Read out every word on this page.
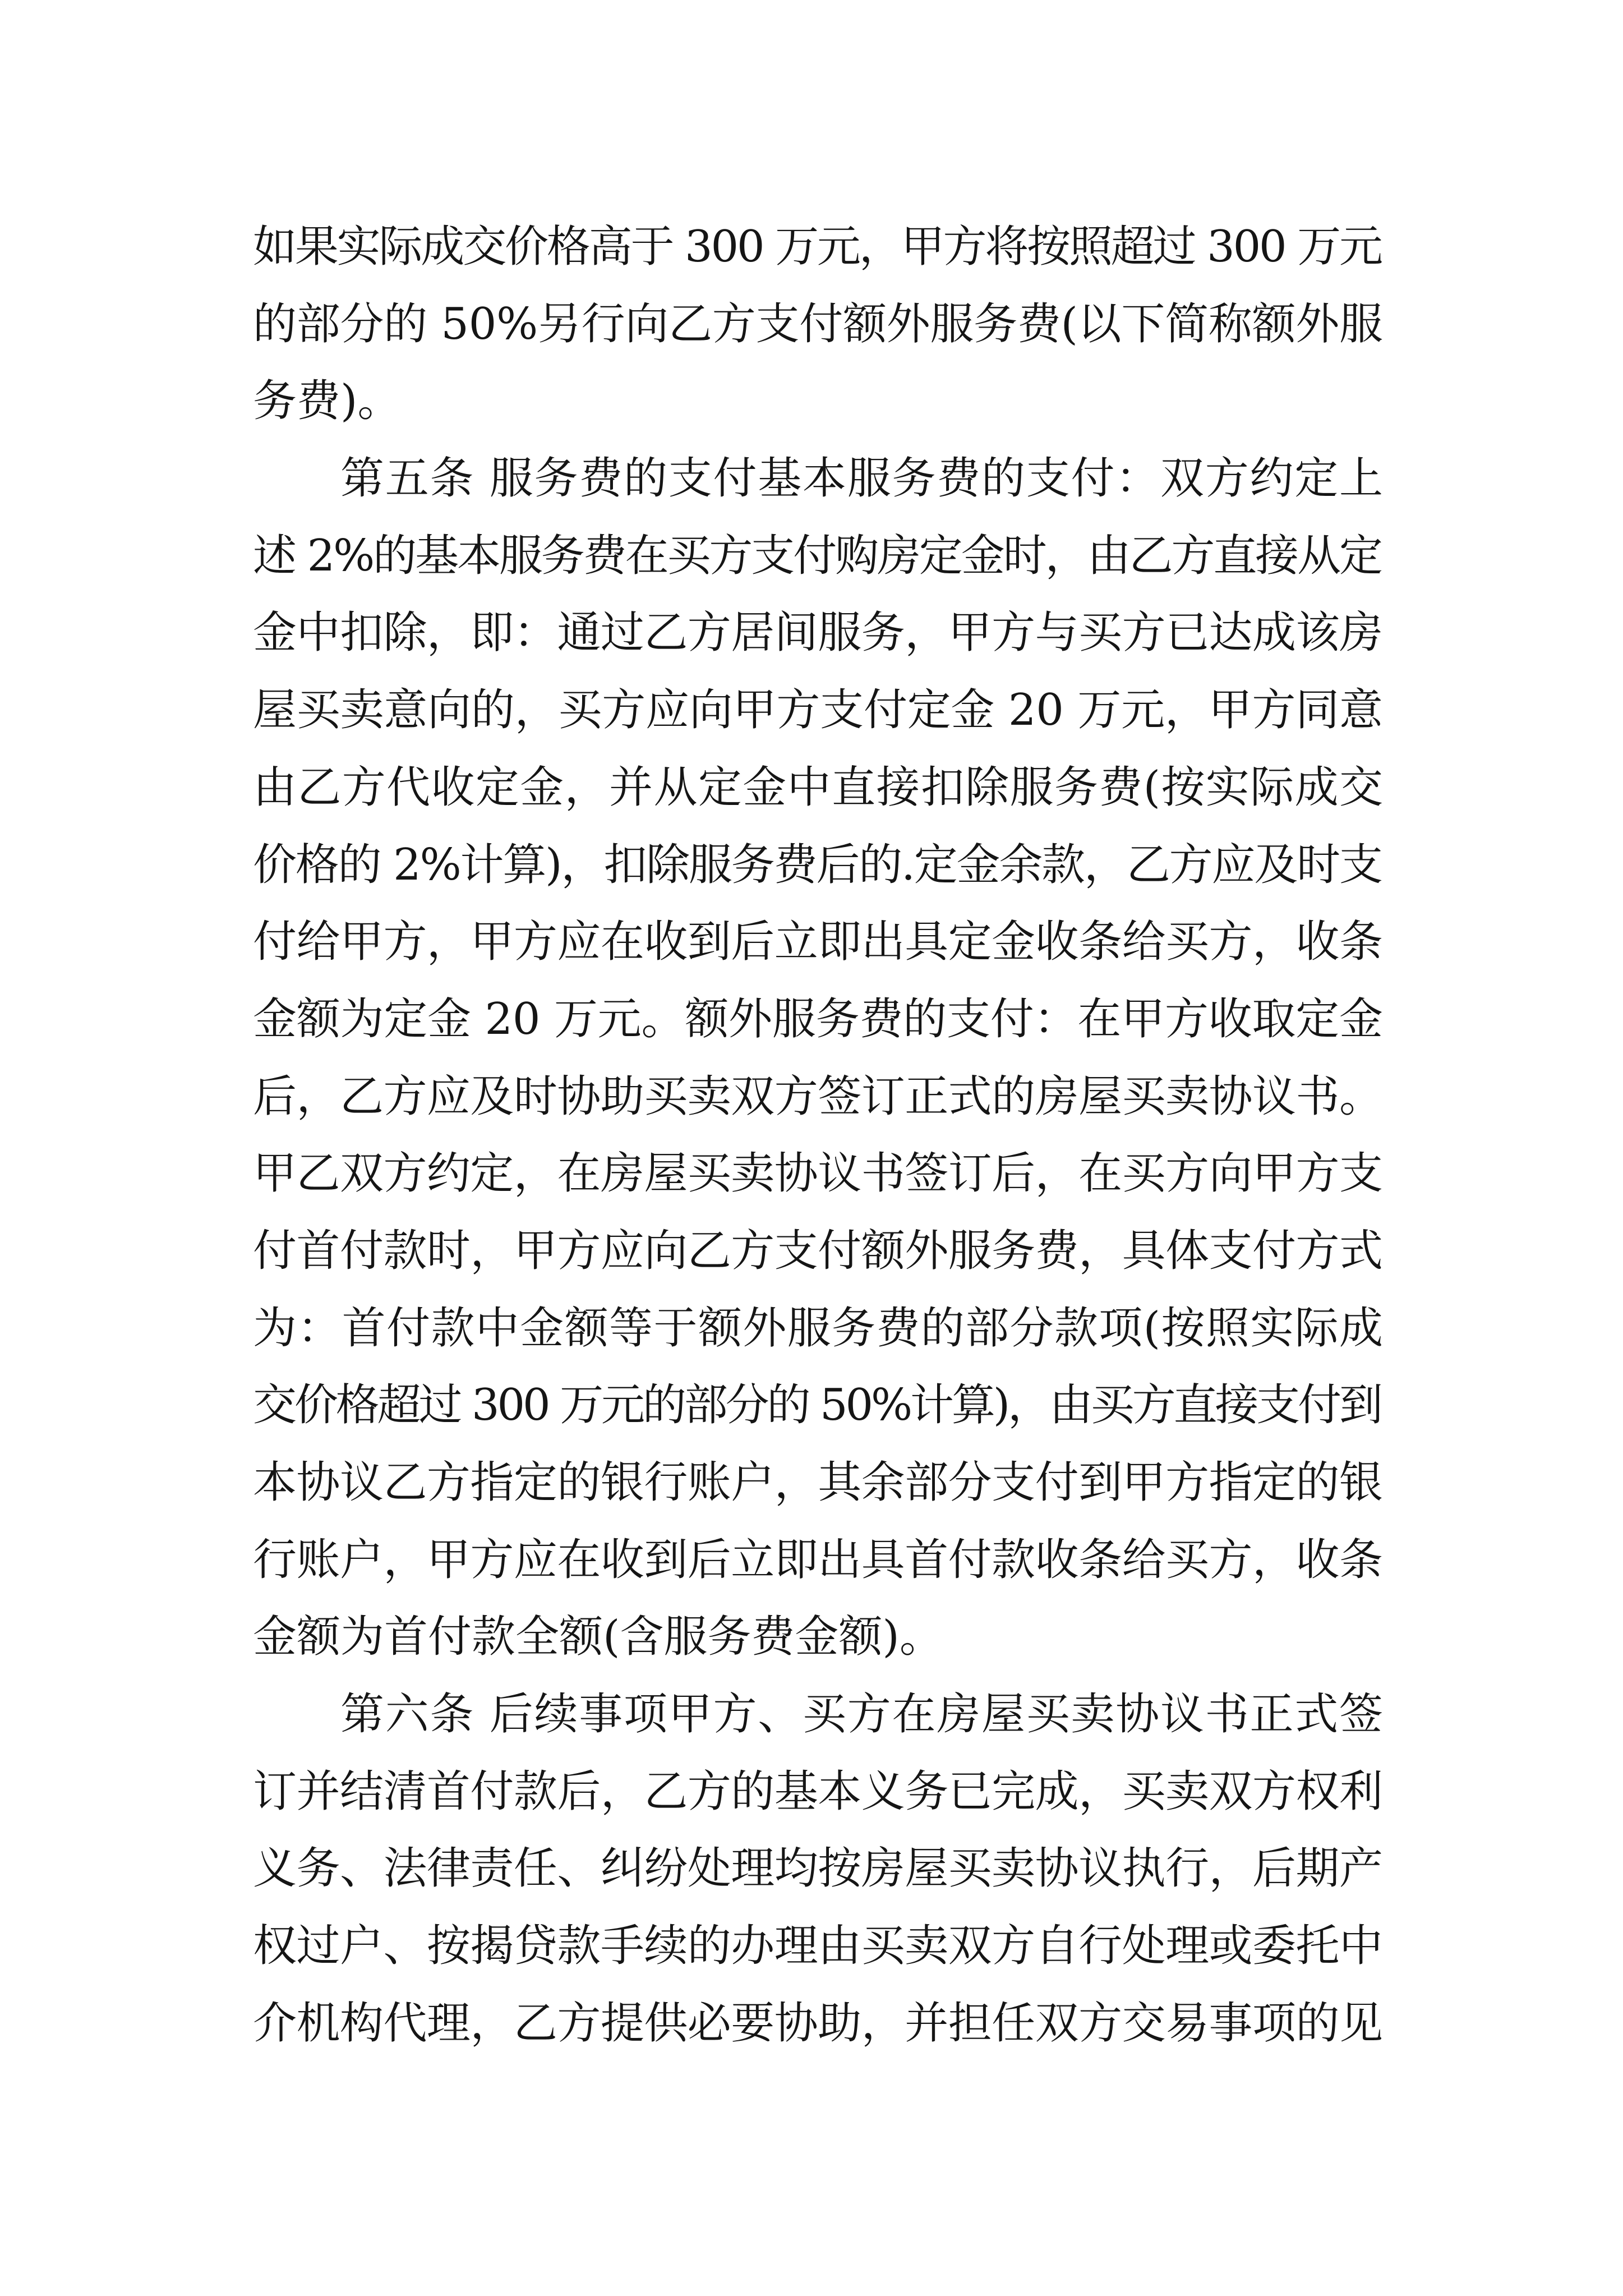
如果实际成交价格高于 300 万元，甲方将按照超过 300 万元
的部分的 50%另行向乙方支付额外服务费(以下简称额外服
务费)。
第五条 服务费的支付基本服务费的支付：双方约定上
述 2%的基本服务费在买方支付购房定金时，由乙方直接从定
金中扣除，即：通过乙方居间服务，甲方与买方已达成该房
屋买卖意向的，买方应向甲方支付定金 20 万元，甲方同意
由乙方代收定金，并从定金中直接扣除服务费(按实际成交
价格的 2%计算)，扣除服务费后的.定金余款，乙方应及时支
付给甲方，甲方应在收到后立即出具定金收条给买方，收条
金额为定金 20 万元。额外服务费的支付：在甲方收取定金
后，乙方应及时协助买卖双方签订正式的房屋买卖协议书。
甲乙双方约定，在房屋买卖协议书签订后，在买方向甲方支
付首付款时，甲方应向乙方支付额外服务费，具体支付方式
为：首付款中金额等于额外服务费的部分款项(按照实际成
交价格超过 300 万元的部分的 50%计算)，由买方直接支付到
本协议乙方指定的银行账户，其余部分支付到甲方指定的银
行账户，甲方应在收到后立即出具首付款收条给买方，收条
金额为首付款全额(含服务费金额)。
第六条 后续事项甲方、买方在房屋买卖协议书正式签
订并结清首付款后，乙方的基本义务已完成，买卖双方权利
义务、法律责任、纠纷处理均按房屋买卖协议执行，后期产
权过户、按揭贷款手续的办理由买卖双方自行处理或委托中
介机构代理，乙方提供必要协助，并担任双方交易事项的见
